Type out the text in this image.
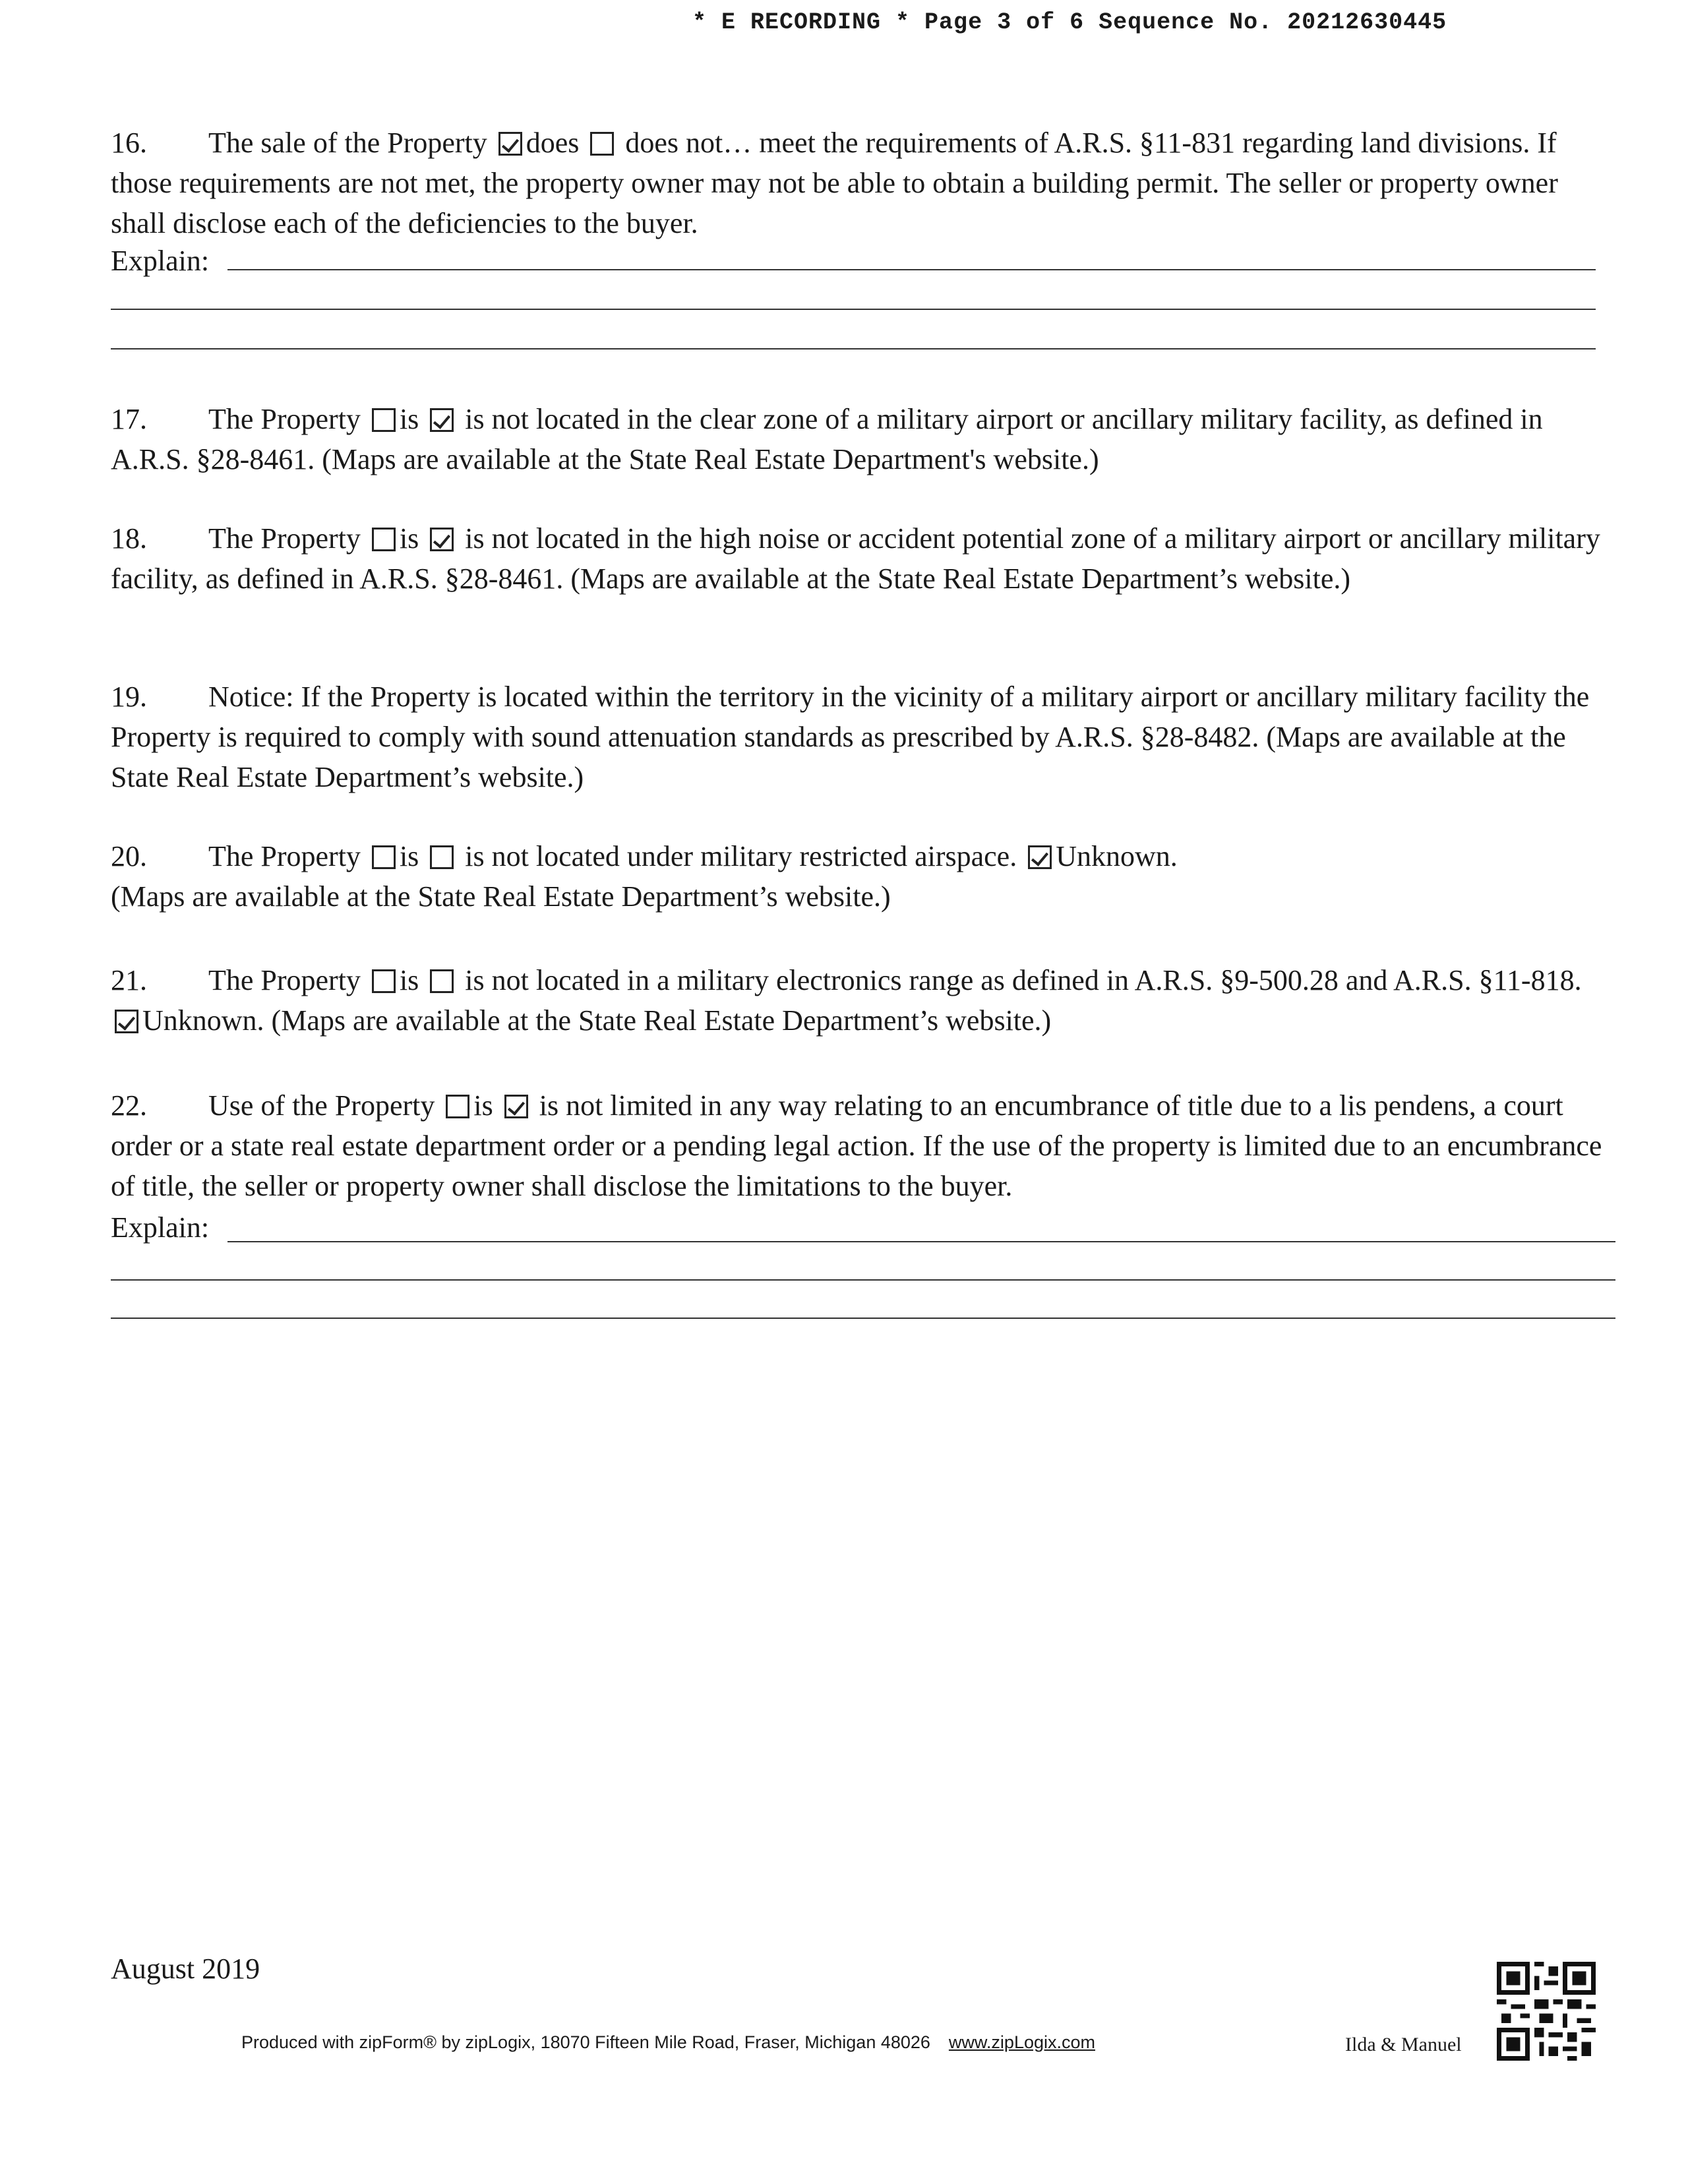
* E RECORDING * Page 3 of 6 Sequence No. 20212630445
16. The sale of the Property does does not… meet the requirements of A.R.S. §11-831 regarding land divisions. If those requirements are not met, the property owner may not be able to obtain a building permit. The seller or property owner shall disclose each of the deficiencies to the buyer.
Explain:
17. The Property is is not located in the clear zone of a military airport or ancillary military facility, as defined in A.R.S. §28-8461. (Maps are available at the State Real Estate Department's website.)
18. The Property is is not located in the high noise or accident potential zone of a military airport or ancillary military facility, as defined in A.R.S. §28-8461. (Maps are available at the State Real Estate Department’s website.)
19. Notice: If the Property is located within the territory in the vicinity of a military airport or ancillary military facility the Property is required to comply with sound attenuation standards as prescribed by A.R.S. §28-8482. (Maps are available at the State Real Estate Department’s website.)
20. The Property is is not located under military restricted airspace. Unknown.
(Maps are available at the State Real Estate Department’s website.)
21. The Property is is not located in a military electronics range as defined in A.R.S. §9-500.28 and A.R.S. §11-818. Unknown. (Maps are available at the State Real Estate Department’s website.)
22. Use of the Property is is not limited in any way relating to an encumbrance of title due to a lis pendens, a court order or a state real estate department order or a pending legal action. If the use of the property is limited due to an encumbrance of title, the seller or property owner shall disclose the limitations to the buyer.
Explain:
August 2019
Produced with zipForm® by zipLogix, 18070 Fifteen Mile Road, Fraser, Michigan 48026 www.zipLogix.com	Ilda & Manuel
